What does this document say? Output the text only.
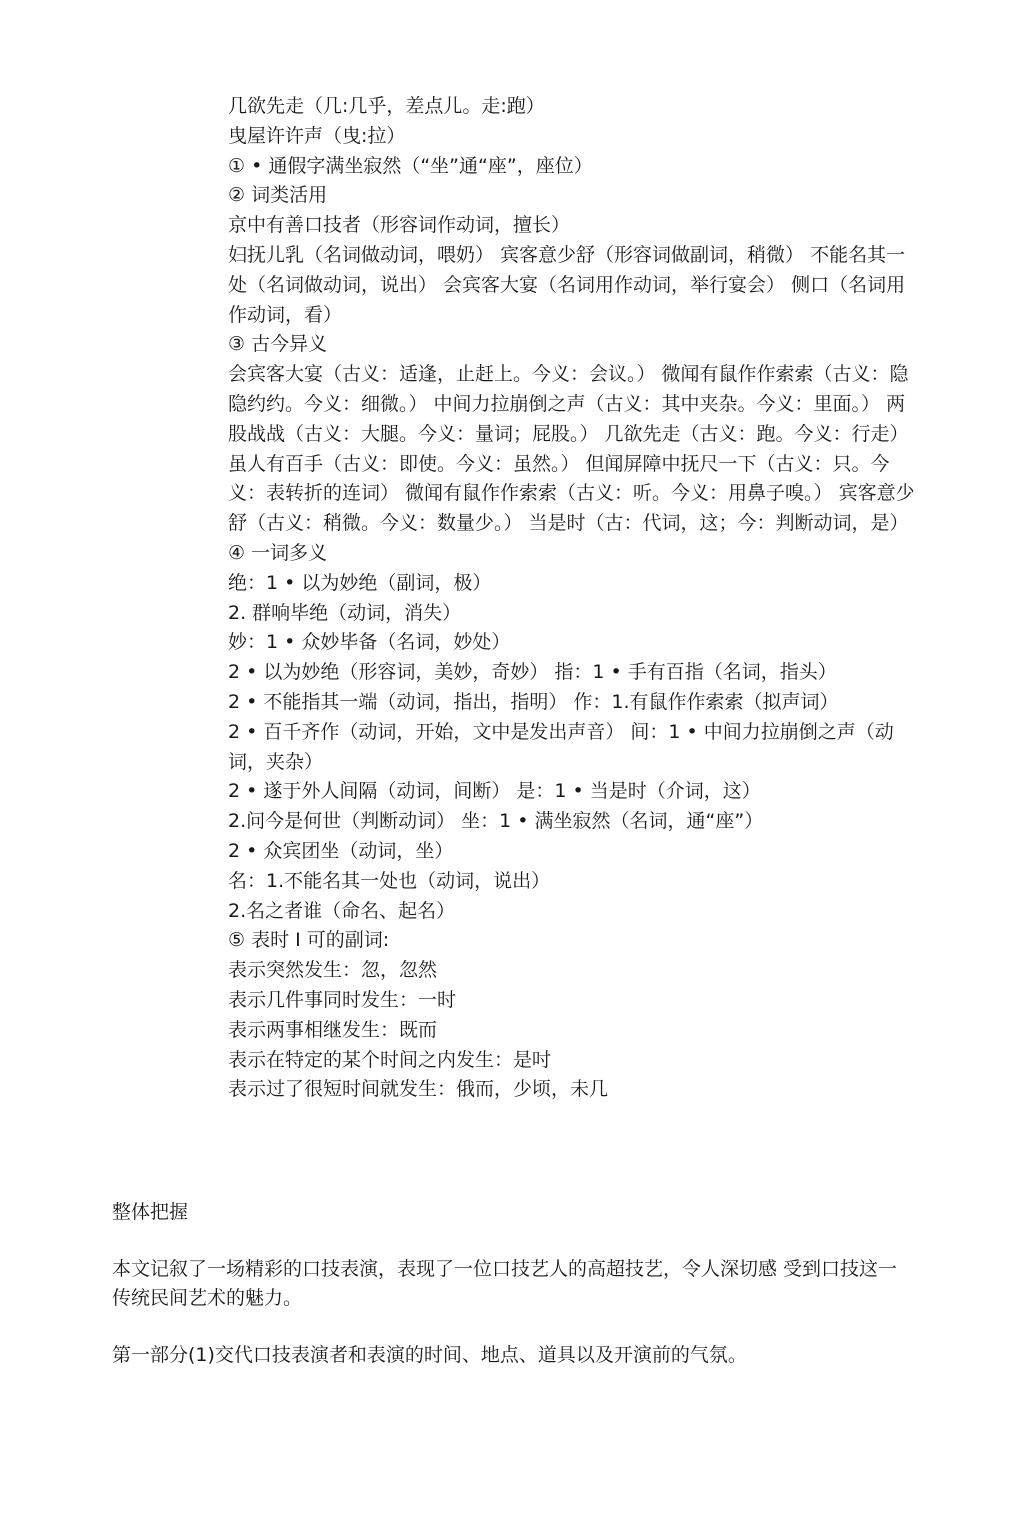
几欲先走（几:几乎，差点儿。走:跑）

曳屋许许声（曳:拉）

① • 通假字满坐寂然（“坐”通“座”，座位）

② 词类活用

京中有善口技者（形容词作动词，擅长）

妇抚儿乳（名词做动词，喂奶） 宾客意少舒（形容词做副词，稍微） 不能名其一处（名词做动词，说出） 会宾客大宴（名词用作动词，举行宴会） 侧口（名词用作动词，看）

③ 古今异义

会宾客大宴（古义：适逢，止赶上。今义：会议。） 微闻有鼠作作索索（古义：隐隐约约。今义：细微。） 中间力拉崩倒之声（古义：其中夹杂。今义：里面。） 两股战战（古义：大腿。今义：量词；屁股。） 几欲先走（古义：跑。今义：行走）

虽人有百手（古义：即使。今义：虽然。） 但闻屏障中抚尺一下（古义：只。今义：表转折的连词） 微闻有鼠作作索索（古义：听。今义：用鼻子嗅。） 宾客意少舒（古义：稍微。今义：数量少。） 当是时（古：代词，这；今：判断动词，是）

④ 一词多义

绝：1 • 以为妙绝（副词，极）

2. 群响毕绝（动词，消失）

妙：1 • 众妙毕备（名词，妙处）

2 • 以为妙绝（形容词，美妙，奇妙） 指：1 • 手有百指（名词，指头）

2 • 不能指其一端（动词，指出，指明） 作：1.有鼠作作索索（拟声词）

2 • 百千齐作（动词，开始，文中是发出声音） 间：1 • 中间力拉崩倒之声（动词，夹杂）

2 • 遂于外人间隔（动词，间断） 是：1 • 当是时（介词，这）

2.问今是何世（判断动词） 坐：1 • 满坐寂然（名词，通“座”）

2 • 众宾团坐（动词，坐）

名：1.不能名其一处也（动词，说出）

2.名之者谁（命名、起名）

⑤ 表时 I 可的副词:

表示突然发生：忽，忽然

表示几件事同时发生：一时

表示两事相继发生：既而

表示在特定的某个时间之内发生：是吋

表示过了很短时间就发生：俄而，少顷，未几

整体把握

本文记叙了一场精彩的口技表演，表现了一位口技艺人的高超技艺，令人深切感 受到口技这一传统民间艺术的魅力。

第一部分(1)交代口技表演者和表演的时间、地点、道具以及开演前的气氛。
